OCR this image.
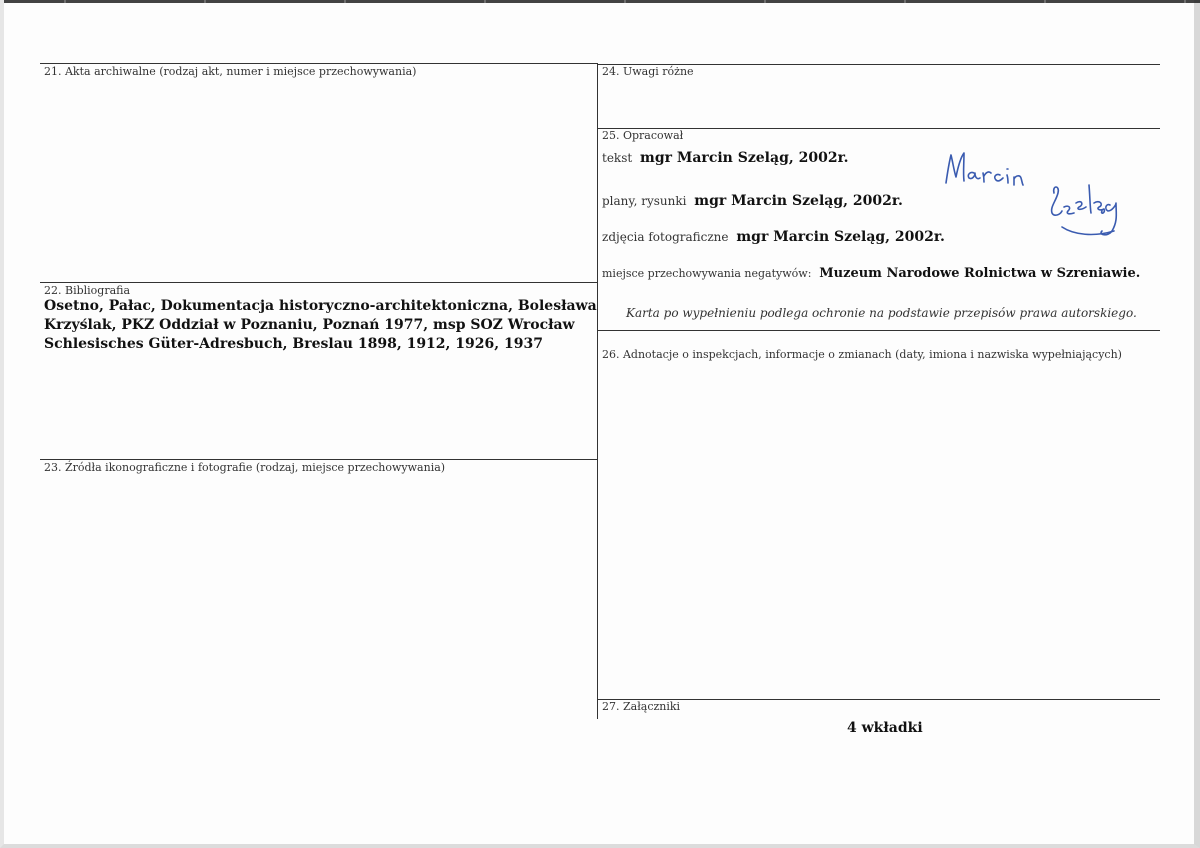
21. Akta archiwalne (rodzaj akt, numer i miejsce przechowywania)
22. Bibliografia
Osetno, Pałac, Dokumentacja historyczno-architektoniczna, Bolesława
Krzyślak, PKZ Oddział w Poznaniu, Poznań 1977, msp SOZ Wrocław
Schlesisches Güter-Adresbuch, Breslau 1898, 1912, 1926, 1937
23. Źródła ikonograficzne i fotografie (rodzaj, miejsce przechowywania)
24. Uwagi różne
25. Opracował
tekst mgr Marcin Szeląg, 2002r.
plany, rysunki mgr Marcin Szeląg, 2002r.
zdjęcia fotograficzne mgr Marcin Szeląg, 2002r.
miejsce przechowywania negatywów: Muzeum Narodowe Rolnictwa w Szreniawie.
Karta po wypełnieniu podlega ochronie na podstawie przepisów prawa autorskiego.
26. Adnotacje o inspekcjach, informacje o zmianach (daty, imiona i nazwiska wypełniających)
27. Załączniki
4 wkładki
